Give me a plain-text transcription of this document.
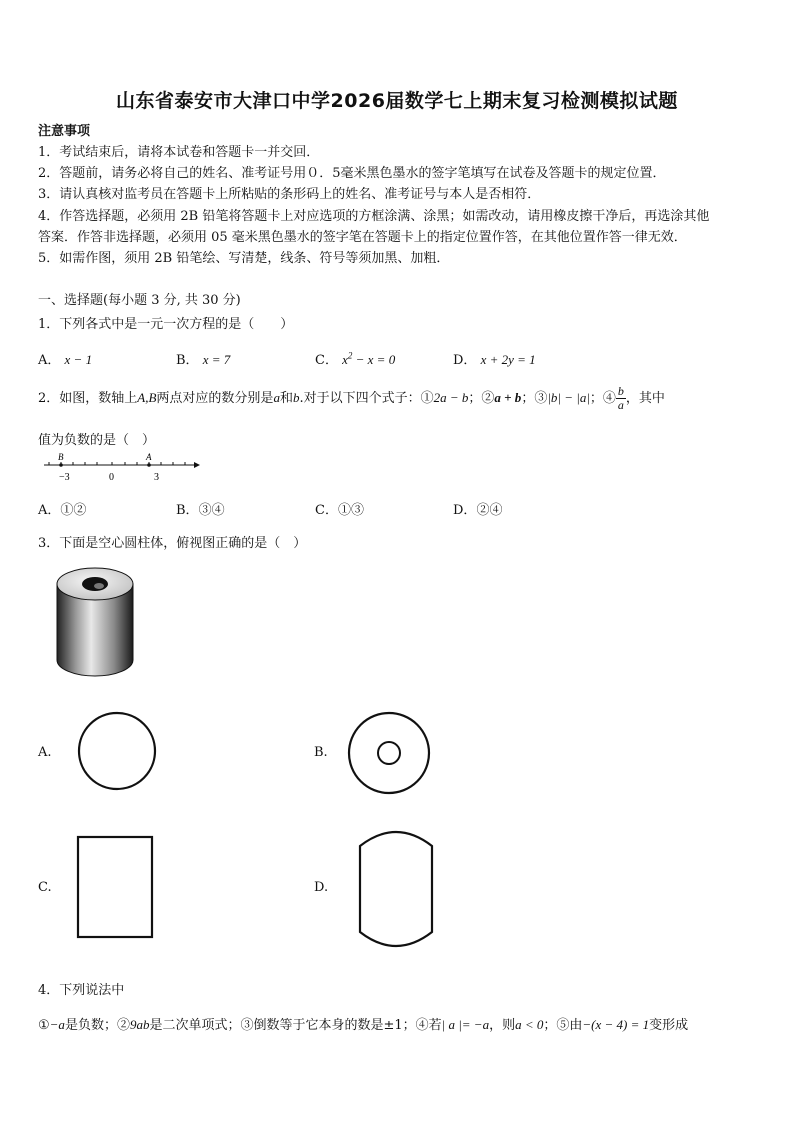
山东省泰安市大津口中学2026届数学七上期末复习检测模拟试题
注意事项
1．考试结束后，请将本试卷和答题卡一并交回．
2．答题前，请务必将自己的姓名、准考证号用０．5毫米黑色墨水的签字笔填写在试卷及答题卡的规定位置．
3．请认真核对监考员在答题卡上所粘贴的条形码上的姓名、准考证号与本人是否相符．
4．作答选择题，必须用 2B 铅笔将答题卡上对应选项的方框涂满、涂黑；如需改动，请用橡皮擦干净后，再选涂其他
答案．作答非选择题，必须用 05 毫米黑色墨水的签字笔在答题卡上的指定位置作答，在其他位置作答一律无效．
5．如需作图，须用 2B 铅笔绘、写清楚，线条、符号等须加黑、加粗．
一、选择题(每小题 3 分, 共 30 分)
1．下列各式中是一元一次方程的是（　　）
A． x − 1	B． x = 7	C． $x^2 - x = 0$	D． x + 2y = 1
2．如图，数轴上A,B两点对应的数分别是a和b.对于以下四个式子：①2a − b；②a + b；③|b| − |a|；④ $\frac{b}{a}$ ，其中
值为负数的是（　）
B	A
−3	0	3
A．①②	B．③④	C．①③	D．②④
3．下面是空心圆柱体，俯视图正确的是（　）
A.	B.
C.	D.
4．下列说法中
①−a是负数；②9ab是二次单项式；③倒数等于它本身的数是±1；④若| a |= −a，则a < 0；⑤由−(x − 4) = 1变形成
